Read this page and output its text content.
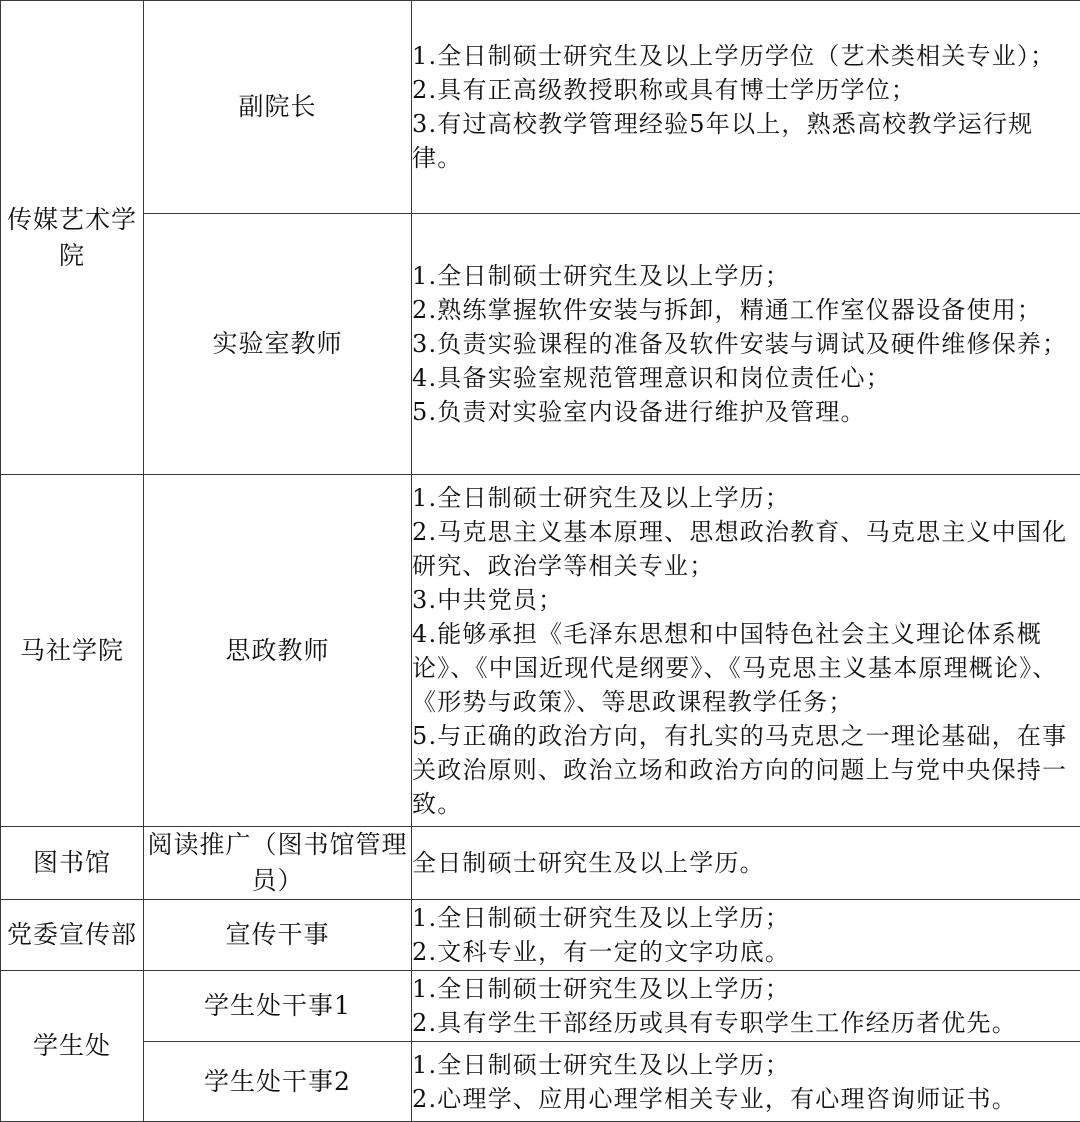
传媒艺术学院	副院长	1.全日制硕士研究生及以上学历学位（艺术类相关专业）；
2.具有正高级教授职称或具有博士学历学位；
3.有过高校教学管理经验5年以上，熟悉高校教学运行规律。

	实验室教师	1.全日制硕士研究生及以上学历；
2.熟练掌握软件安装与拆卸，精通工作室仪器设备使用；
3.负责实验课程的准备及软件安装与调试及硬件维修保养；
4.具备实验室规范管理意识和岗位责任心；
5.负责对实验室内设备进行维护及管理。

马社学院	思政教师	1.全日制硕士研究生及以上学历；
2.马克思主义基本原理、思想政治教育、马克思主义中国化研究、政治学等相关专业；
3.中共党员；
4.能够承担《毛泽东思想和中国特色社会主义理论体系概论》、《中国近现代是纲要》、《马克思主义基本原理概论》、《形势与政策》、等思政课程教学任务；
5.与正确的政治方向，有扎实的马克思之一理论基础，在事关政治原则、政治立场和政治方向的问题上与党中央保持一致。

图书馆	阅读推广（图书馆管理员）	全日制硕士研究生及以上学历。

党委宣传部	宣传干事	1.全日制硕士研究生及以上学历；
2.文科专业，有一定的文字功底。

学生处	学生处干事1	1.全日制硕士研究生及以上学历；
2.具有学生干部经历或具有专职学生工作经历者优先。

	学生处干事2	1.全日制硕士研究生及以上学历；
2.心理学、应用心理学相关专业，有心理咨询师证书。
